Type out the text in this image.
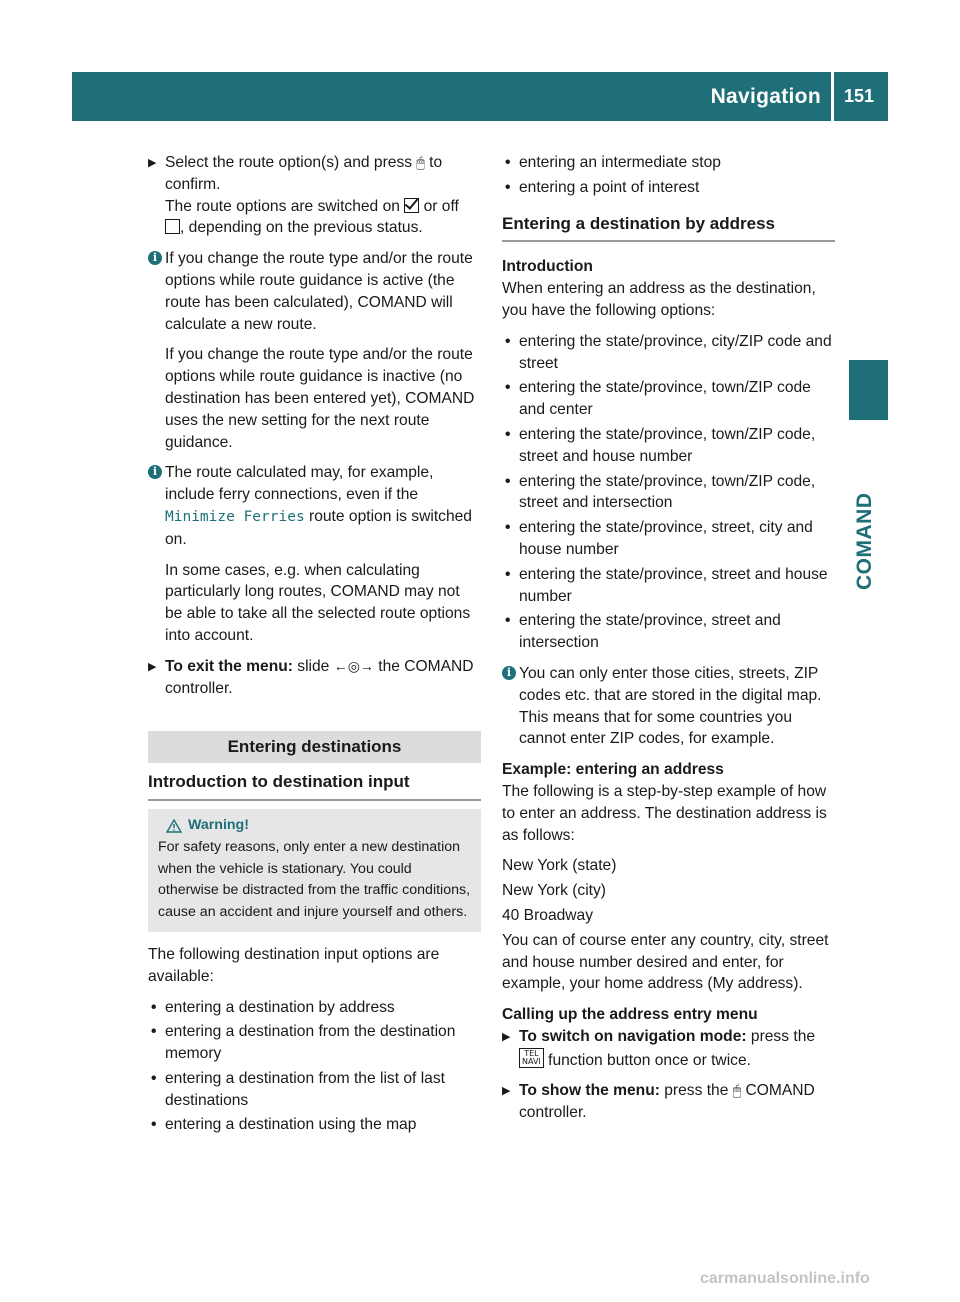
Navigation 151
COMAND
▶ Select the route option(s) and press 🖱 to confirm.
The route options are switched on  or off
, depending on the previous status.
i If you change the route type and/or the route options while route guidance is active (the route has been calculated), COMAND will calculate a new route.

If you change the route type and/or the route options while route guidance is inactive (no destination has been entered yet), COMAND uses the new setting for the next route guidance.

i The route calculated may, for example, include ferry connections, even if the Minimize Ferries route option is switched on.

In some cases, e.g. when calculating particularly long routes, COMAND may not be able to take all the selected route options into account.

▶ To exit the menu: slide ←◎→ the COMAND controller.
Entering destinations
Introduction to destination input
Warning!
For safety reasons, only enter a new destination when the vehicle is stationary. You could otherwise be distracted from the traffic conditions, cause an accident and injure yourself and others.

The following destination input options are available:

• entering a destination by address
• entering a destination from the destination memory
• entering a destination from the list of last destinations
• entering a destination using the map
• entering an intermediate stop
• entering a point of interest
Entering a destination by address

Introduction

When entering an address as the destination, you have the following options:

• entering the state/province, city/ZIP code and street
• entering the state/province, town/ZIP code and center
• entering the state/province, town/ZIP code, street and house number
• entering the state/province, town/ZIP code, street and intersection
• entering the state/province, street, city and house number
• entering the state/province, street and house number
• entering the state/province, street and intersection
i You can only enter those cities, streets, ZIP codes etc. that are stored in the digital map. This means that for some countries you cannot enter ZIP codes, for example.

Example: entering an address

The following is a step-by-step example of how to enter an address. The destination address is as follows:

New York (state)

New York (city)

40 Broadway

You can of course enter any country, city, street and house number desired and enter, for example, your home address (My address).

Calling up the address entry menu

▶ To switch on navigation mode: press the TEL
NAVI function button once or twice.
▶ To show the menu: press the 🖱 COMAND controller.
carmanualsonline.info
